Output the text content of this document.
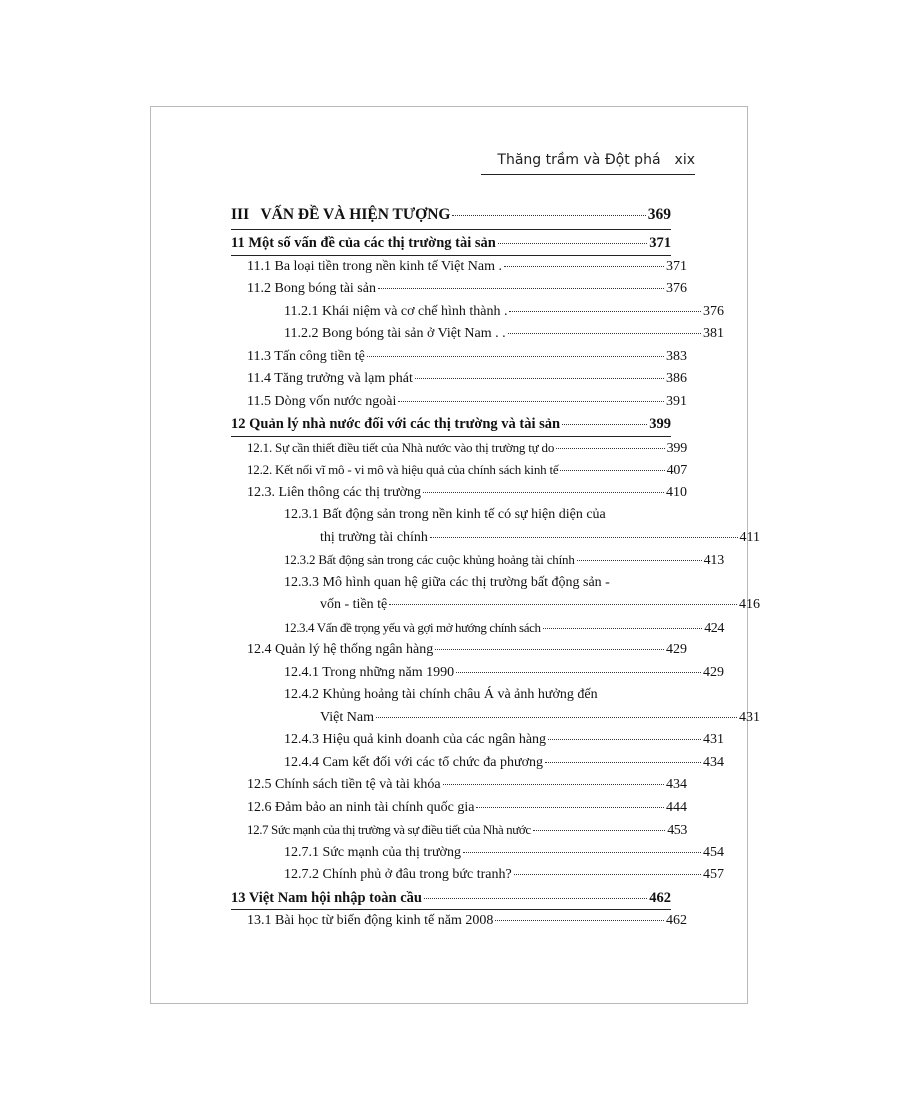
Thăng trầm và Đột phá xix
III   VẤN ĐỀ VÀ HIỆN TƯỢNG	369
11 Một số vấn đề của các thị trường tài sản	371
11.1 Ba loại tiền trong nền kinh tế Việt Nam .	371
11.2 Bong bóng tài sản	376
11.2.1 Khái niệm và cơ chế hình thành .	376
11.2.2 Bong bóng tài sản ở Việt Nam . .	381
11.3 Tấn công tiền tệ	383
11.4 Tăng trưởng và lạm phát	386
11.5 Dòng vốn nước ngoài	391
12 Quản lý nhà nước đối với các thị trường và tài sản	399
12.1. Sự cần thiết điều tiết của Nhà nước vào thị trường tự do	399
12.2. Kết nối vĩ mô - vi mô và hiệu quả của chính sách kinh tế	407
12.3. Liên thông các thị trường	410
12.3.1 Bất động sản trong nền kinh tế có sự hiện diện của
thị trường tài chính	411
12.3.2 Bất động sản trong các cuộc khủng hoảng tài chính	413
12.3.3 Mô hình quan hệ giữa các thị trường bất động sản -
vốn - tiền tệ	416
12.3.4 Vấn đề trọng yếu và gợi mở hướng chính sách	424
12.4 Quản lý hệ thống ngân hàng	429
12.4.1 Trong những năm 1990	429
12.4.2 Khủng hoảng tài chính châu Á và ảnh hưởng đến
Việt Nam	431
12.4.3 Hiệu quả kinh doanh của các ngân hàng	431
12.4.4 Cam kết đối với các tổ chức đa phương	434
12.5 Chính sách tiền tệ và tài khóa	434
12.6 Đảm bảo an ninh tài chính quốc gia	444
12.7 Sức mạnh của thị trường và sự điều tiết của Nhà nước	453
12.7.1 Sức mạnh của thị trường	454
12.7.2 Chính phủ ở đâu trong bức tranh?	457
13 Việt Nam hội nhập toàn cầu	462
13.1 Bài học từ biến động kinh tế năm 2008	462
